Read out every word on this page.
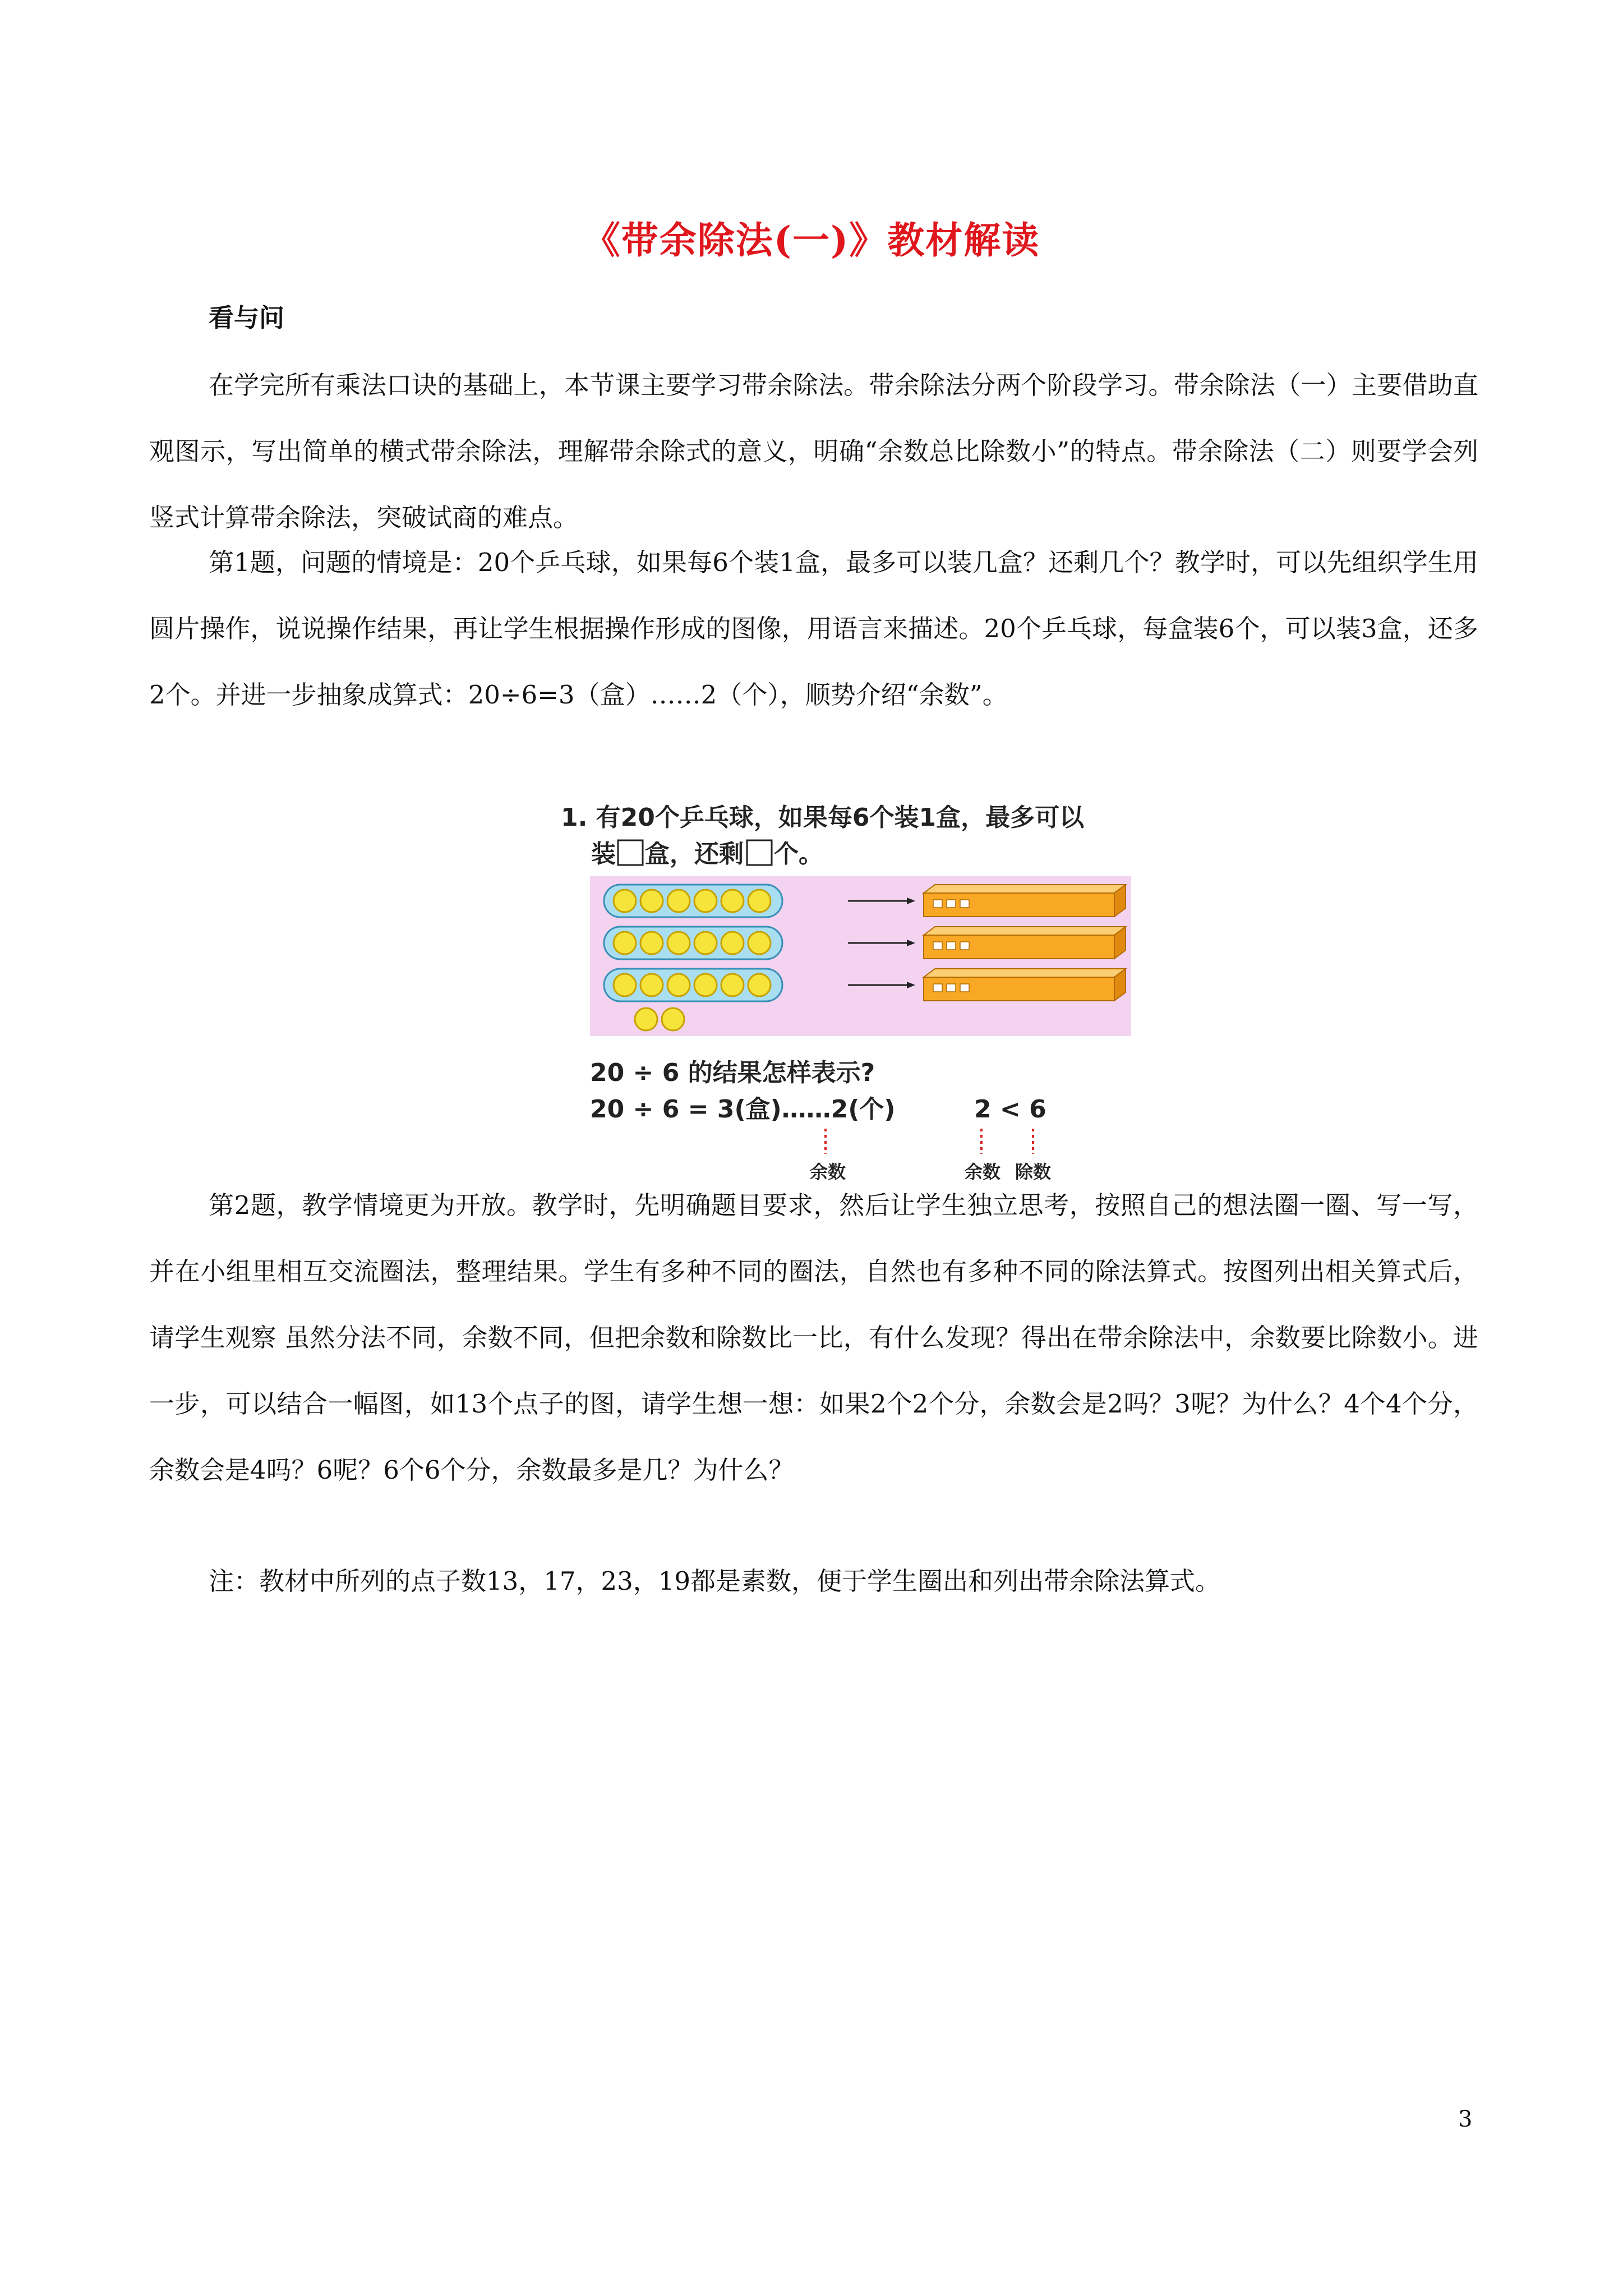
《带余除法(一)》教材解读
看与问

在学完所有乘法口诀的基础上，本节课主要学习带余除法。带余除法分两个阶段学习。带余除法（一）主要借助直观图示，写出简单的横式带余除法，理解带余除式的意义，明确“余数总比除数小”的特点。带余除法（二）则要学会列竖式计算带余除法，突破试商的难点。

第1题，问题的情境是：20个乒乓球，如果每6个装1盒，最多可以装几盒？还剩几个？教学时，可以先组织学生用圆片操作，说说操作结果，再让学生根据操作形成的图像，用语言来描述。20个乒乓球，每盒装6个，可以装3盒，还多2个。并进一步抽象成算式：20÷6=3（盒）……2（个），顺势介绍“余数”。

1. 有20个乒乓球，如果每6个装1盒，最多可以
装 盒，还剩 个。
20 ÷ 6 的结果怎样表示?
20 ÷ 6 = 3(盒)……2(个)	2 < 6
余数	余数 除数

第2题，教学情境更为开放。教学时，先明确题目要求，然后让学生独立思考，按照自己的想法圈一圈、写一写，并在小组里相互交流圈法，整理结果。学生有多种不同的圈法，自然也有多种不同的除法算式。按图列出相关算式后，请学生观察 虽然分法不同，余数不同，但把余数和除数比一比，有什么发现？得出在带余除法中，余数要比除数小。进一步，可以结合一幅图，如13个点子的图，请学生想一想：如果2个2个分，余数会是2吗？3呢？为什么？4个4个分，余数会是4吗？6呢？6个6个分，余数最多是几？为什么？

注：教材中所列的点子数13，17，23，19都是素数，便于学生圈出和列出带余除法算式。

3
